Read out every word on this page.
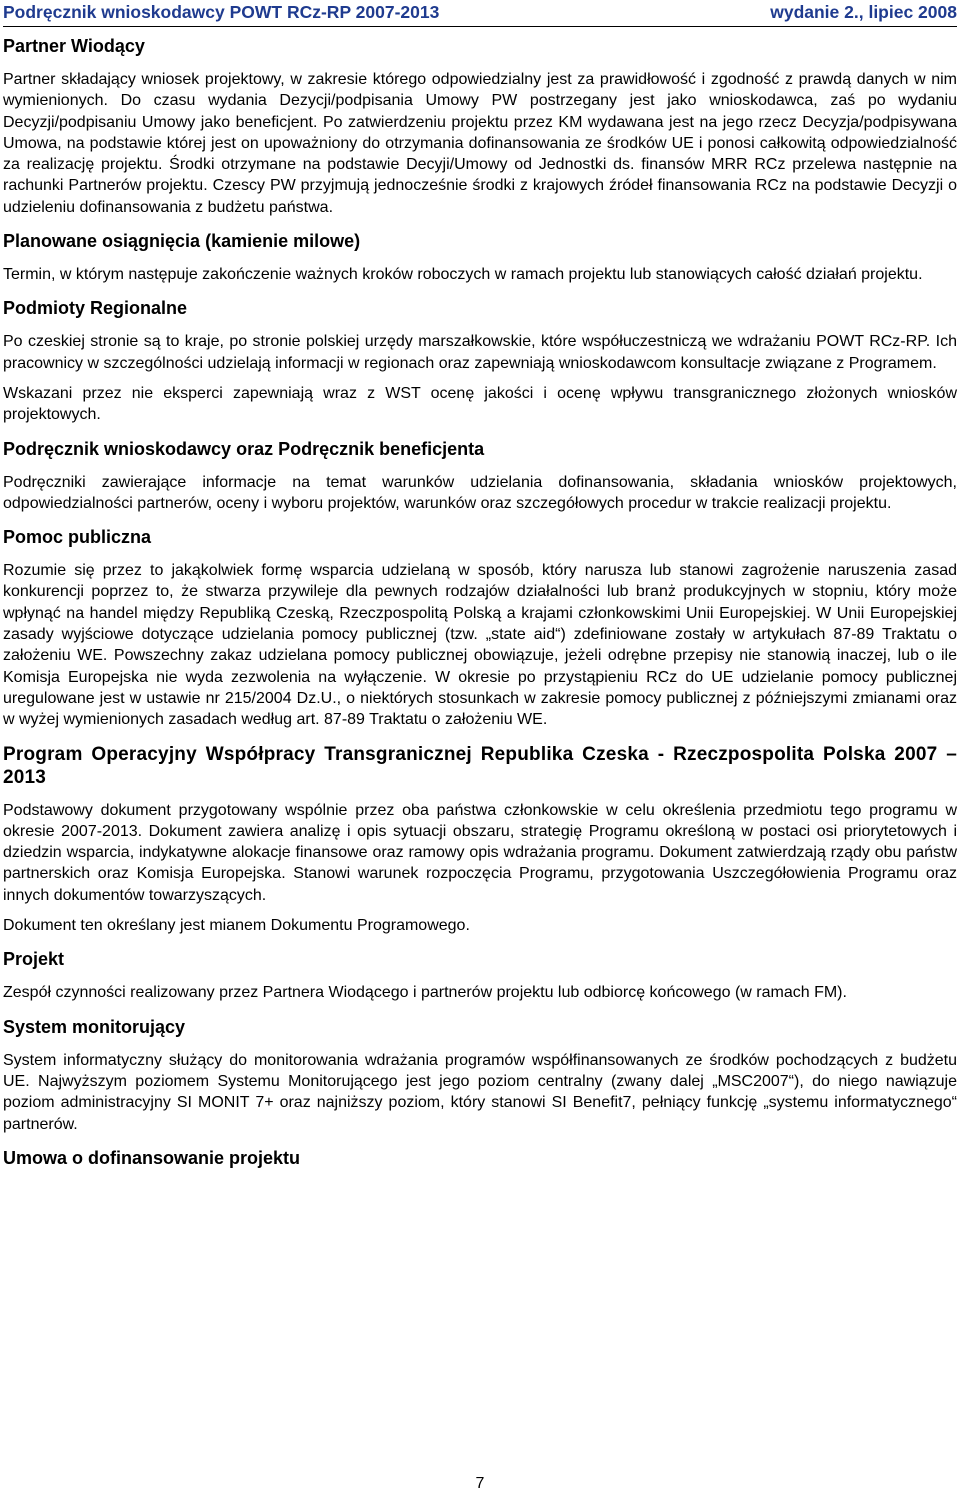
Podręcznik wnioskodawcy POWT RCz-RP 2007-2013	wydanie 2., lipiec 2008
Partner Wiodący
Partner składający wniosek projektowy, w zakresie którego odpowiedzialny jest za prawidłowość i zgodność z prawdą danych w nim wymienionych. Do czasu wydania Dezycji/podpisania Umowy PW postrzegany jest jako wnioskodawca, zaś po wydaniu Decyzji/podpisaniu Umowy jako beneficjent. Po zatwierdzeniu projektu przez KM wydawana jest na jego rzecz Decyzja/podpisywana Umowa, na podstawie której jest on upoważniony do otrzymania dofinansowania ze środków UE i ponosi całkowitą odpowiedzialność za realizację projektu. Środki otrzymane na podstawie Decyji/Umowy od Jednostki ds. finansów MRR RCz przelewa następnie na rachunki Partnerów projektu. Czescy PW przyjmują jednocześnie środki z krajowych źródeł finansowania RCz na podstawie Decyzji o udzieleniu dofinansowania z budżetu państwa.
Planowane osiągnięcia (kamienie milowe)
Termin, w którym następuje zakończenie ważnych kroków roboczych w ramach projektu lub stanowiących całość działań projektu.
Podmioty Regionalne
Po czeskiej stronie są to kraje, po stronie polskiej urzędy marszałkowskie, które współuczestniczą we wdrażaniu POWT RCz-RP. Ich pracownicy w szczególności udzielają informacji w regionach oraz zapewniają wnioskodawcom konsultacje związane z Programem.
Wskazani przez nie eksperci zapewniają wraz z WST ocenę jakości i ocenę wpływu transgranicznego złożonych wniosków projektowych.
Podręcznik wnioskodawcy oraz Podręcznik beneficjenta
Podręczniki zawierające informacje na temat warunków udzielania dofinansowania, składania wniosków projektowych, odpowiedzialności partnerów, oceny i wyboru projektów, warunków oraz szczegółowych procedur w trakcie realizacji projektu.
Pomoc publiczna
Rozumie się przez to jakąkolwiek formę wsparcia udzielaną w sposób, który narusza lub stanowi zagrożenie naruszenia zasad konkurencji poprzez to, że stwarza przywileje dla pewnych rodzajów działalności lub branż produkcyjnych w stopniu, który może wpłynąć na handel między Republiką Czeską, Rzeczpospolitą Polską a krajami członkowskimi Unii Europejskiej. W Unii Europejskiej zasady wyjściowe dotyczące udzielania pomocy publicznej (tzw. „state aid“) zdefiniowane zostały w artykułach 87-89 Traktatu o założeniu WE. Powszechny zakaz udzielana pomocy publicznej obowiązuje, jeżeli odrębne przepisy nie stanowią inaczej, lub o ile Komisja Europejska nie wyda zezwolenia na wyłączenie. W okresie po przystąpieniu RCz do UE udzielanie pomocy publicznej uregulowane jest w ustawie nr 215/2004 Dz.U., o niektórych stosunkach w zakresie pomocy publicznej z późniejszymi zmianami oraz w wyżej wymienionych zasadach według art. 87-89 Traktatu o założeniu WE.
Program Operacyjny Współpracy Transgranicznej Republika Czeska - Rzeczpospolita Polska 2007 – 2013
Podstawowy dokument przygotowany wspólnie przez oba państwa członkowskie w celu określenia przedmiotu tego programu w okresie 2007-2013. Dokument zawiera analizę i opis sytuacji obszaru, strategię Programu określoną w postaci osi priorytetowych i dziedzin wsparcia, indykatywne alokacje finansowe oraz ramowy opis wdrażania programu. Dokument zatwierdzają rządy obu państw partnerskich oraz Komisja Europejska. Stanowi warunek rozpoczęcia Programu, przygotowania Uszczegółowienia Programu oraz innych dokumentów towarzyszących.
Dokument ten określany jest mianem Dokumentu Programowego.
Projekt
Zespół czynności realizowany przez Partnera Wiodącego i partnerów projektu lub odbiorcę końcowego (w ramach FM).
System monitorujący
System informatyczny służący do monitorowania wdrażania programów współfinansowanych ze środków pochodzących z budżetu UE. Najwyższym poziomem Systemu Monitorującego jest jego poziom centralny (zwany dalej „MSC2007“), do niego nawiązuje poziom administracyjny SI MONIT 7+ oraz najniższy poziom, który stanowi SI Benefit7, pełniący funkcję „systemu informatycznego“ partnerów.
Umowa o dofinansowanie projektu
7
